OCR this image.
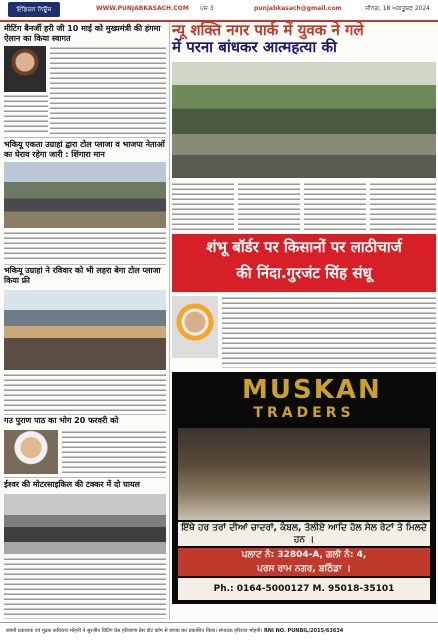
ਇੰਡਿਯਨ ਨਿਊਜ਼	WWW.PUNJABKASACH.COM ਪੇਜ਼ 3	punjabkasach@gmail.com	ਸੀਨਗ, 18 ਅਕਤੂਬਰ 2024
मीटिंग बैनर्जी हरी जी 10 माई को मुख्यमंत्री की हंगमा ऐलान का किया स्वागत
भकियू एकता उग्राहां द्वारा टोल प्लाजा व भाजपा नेताओं का घेराव रहेगा जारी : शिंगारा मान
भकियू उग्राहां ने रविवार को भी लहरा बेगा टोल प्लाजा किया फ्री
गउ पुराण पाठ का भोग 20 फरवरी को
ईश्वर की मोटरसाइकिल की टक्कर में दो घायल
न्यू शक्ति नगर पार्क में युवक ने गले
में परना बांधकर आत्महत्या की
शंभू बॉर्डर पर किसानों पर लाठीचार्ज
की निंदा.गुरजंट सिंह संधू
MUSKAN
TRADERS
ਇੱਥੇ ਹਰ ਤਰਾਂ ਦੀਆਂ ਚਾਦਰਾਂ, ਕੰਬਲ, ਤੋਲੀਏ ਆਦਿ ਹੋਲ ਸੇਲ ਰੇਟਾਂ ਤੇ ਮਿਲਦੇ ਹਨ ।
ਪਲਾਟ ਨੰ: 32804-A, ਗਲੀ ਨੰ: 4,
ਪਰਸ ਰਾਮ ਨਗਰ, ਬਠਿੰਡਾ ।
Ph.: 0164-5000127 M. 95018-35101
स्वामी प्रकाशक एवं मुद्रक कविराज भोहनी ने सुरजीत प्रिंटिंग प्रेस हरियाणा प्रेस डॉट कॉम से छपवा कर प्रकाशित किया। संपादक हरिराज भोहनी। RNI NO. PUNBIL/2015/63634
